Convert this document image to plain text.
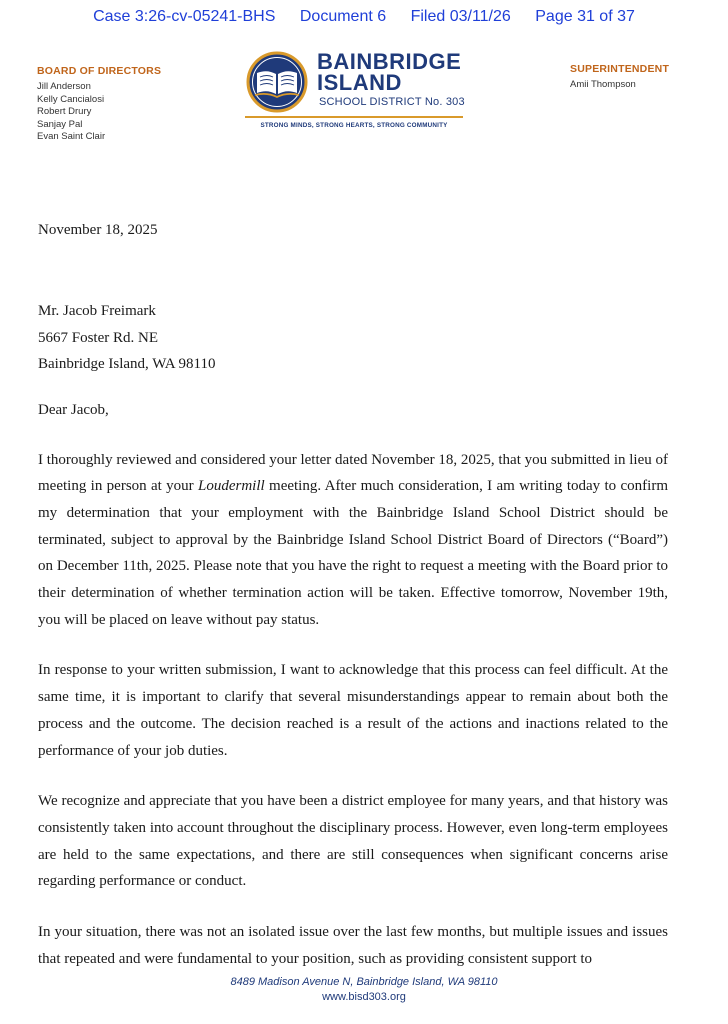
Case 3:26-cv-05241-BHS Document 6 Filed 03/11/26 Page 31 of 37
BOARD OF DIRECTORS
Jill Anderson
Kelly Cancialosi
Robert Drury
Sanjay Pal
Evan Saint Clair
BAINBRIDGE
ISLAND
SCHOOL DISTRICT No. 303
STRONG MINDS, STRONG HEARTS, STRONG COMMUNITY
SUPERINTENDENT
Amii Thompson
November 18, 2025
Mr. Jacob Freimark
5667 Foster Rd. NE
Bainbridge Island, WA 98110
Dear Jacob,

I thoroughly reviewed and considered your letter dated November 18, 2025, that you submitted in lieu of meeting in person at your Loudermill meeting. After much consideration, I am writing today to confirm my determination that your employment with the Bainbridge Island School District should be terminated, subject to approval by the Bainbridge Island School District Board of Directors (“Board”) on December 11th, 2025. Please note that you have the right to request a meeting with the Board prior to their determination of whether termination action will be taken. Effective tomorrow, November 19th, you will be placed on leave without pay status.

In response to your written submission, I want to acknowledge that this process can feel difficult. At the same time, it is important to clarify that several misunderstandings appear to remain about both the process and the outcome. The decision reached is a result of the actions and inactions related to the performance of your job duties.

We recognize and appreciate that you have been a district employee for many years, and that history was consistently taken into account throughout the disciplinary process. However, even long-term employees are held to the same expectations, and there are still consequences when significant concerns arise regarding performance or conduct.

In your situation, there was not an isolated issue over the last few months, but multiple issues and issues that repeated and were fundamental to your position, such as providing consistent support to

8489 Madison Avenue N, Bainbridge Island, WA 98110
www.bisd303.org
